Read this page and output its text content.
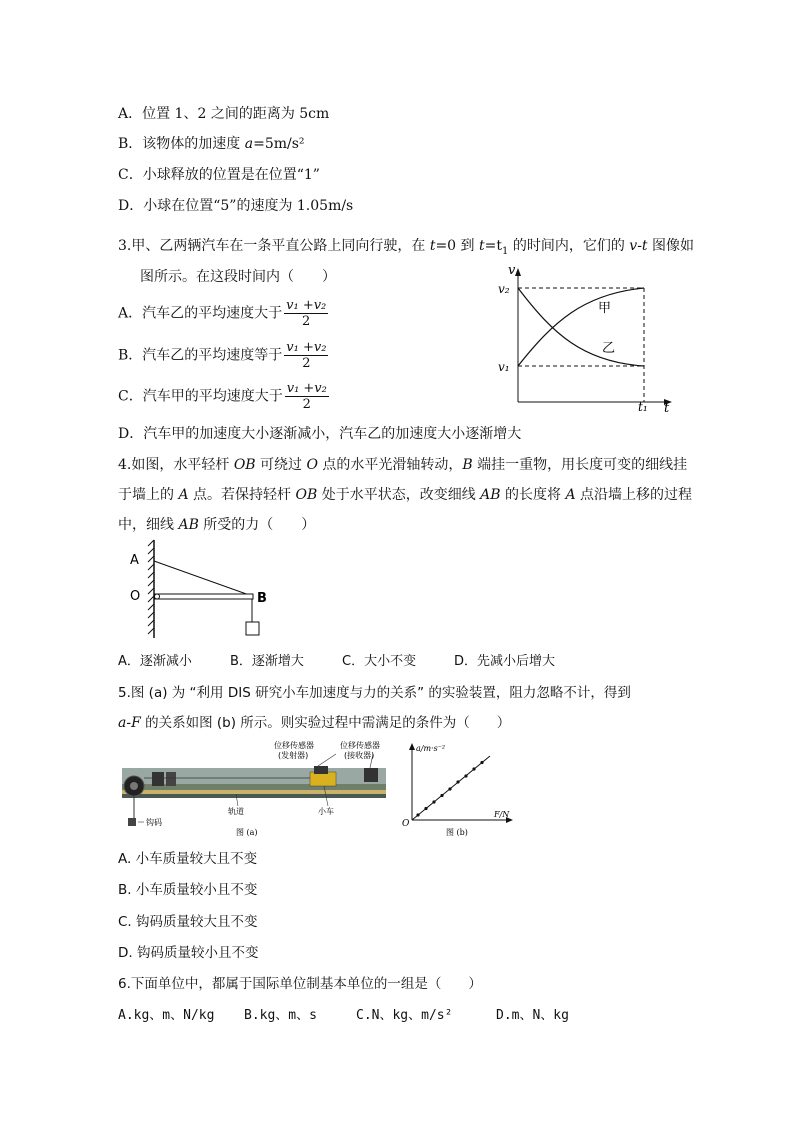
A．位置 1、2 之间的距离为 5cm
B．该物体的加速度 a=5m/s²
C．小球释放的位置是在位置“1”
D．小球在位置“5”的速度为 1.05m/s
3.甲、乙两辆汽车在一条平直公路上同向行驶，在 t=0 到 $t=t_1$ 的时间内，它们的 v-t 图像如
图所示。在这段时间内（　　）
A．汽车乙的平均速度大于 $\frac{\text{v₁ +v₂}}{2}$
B．汽车乙的平均速度等于 $\frac{\text{v₁ +v₂}}{2}$
C．汽车甲的平均速度大于 $\frac{\text{v₁ +v₂}}{2}$
D．汽车甲的加速度大小逐渐减小，汽车乙的加速度大小逐渐增大
v
t
v₂
v₁
t₁
甲
乙
4.如图，水平轻杆 OB 可绕过 O 点的水平光滑轴转动，B 端挂一重物，用长度可变的细线挂
于墙上的 A 点。若保持轻杆 OB 处于水平状态，改变细线 AB 的长度将 A 点沿墙上移的过程
中，细线 AB 所受的力（　　）
A
O	B
A．逐渐减小	B．逐渐增大	C．大小不变	D．先减小后增大
5.图 (a) 为 “利用 DIS 研究小车加速度与力的关系” 的实验装置，阻力忽略不计，得到
a-F 的关系如图 (b) 所示。则实验过程中需满足的条件为（　　）
位移传感器
(发射器)
位移传感器
(接收器)
轨道	小车
钩码
图 (a)
a/m·s⁻²
F/N
O
图 (b)
A. 小车质量较大且不变
B. 小车质量较小且不变
C. 钩码质量较大且不变
D. 钩码质量较小且不变
6.下面单位中，都属于国际单位制基本单位的一组是（　　）
A.kg、m、N/kg B.kg、m、s	C.N、kg、m/s²	D.m、N、kg
